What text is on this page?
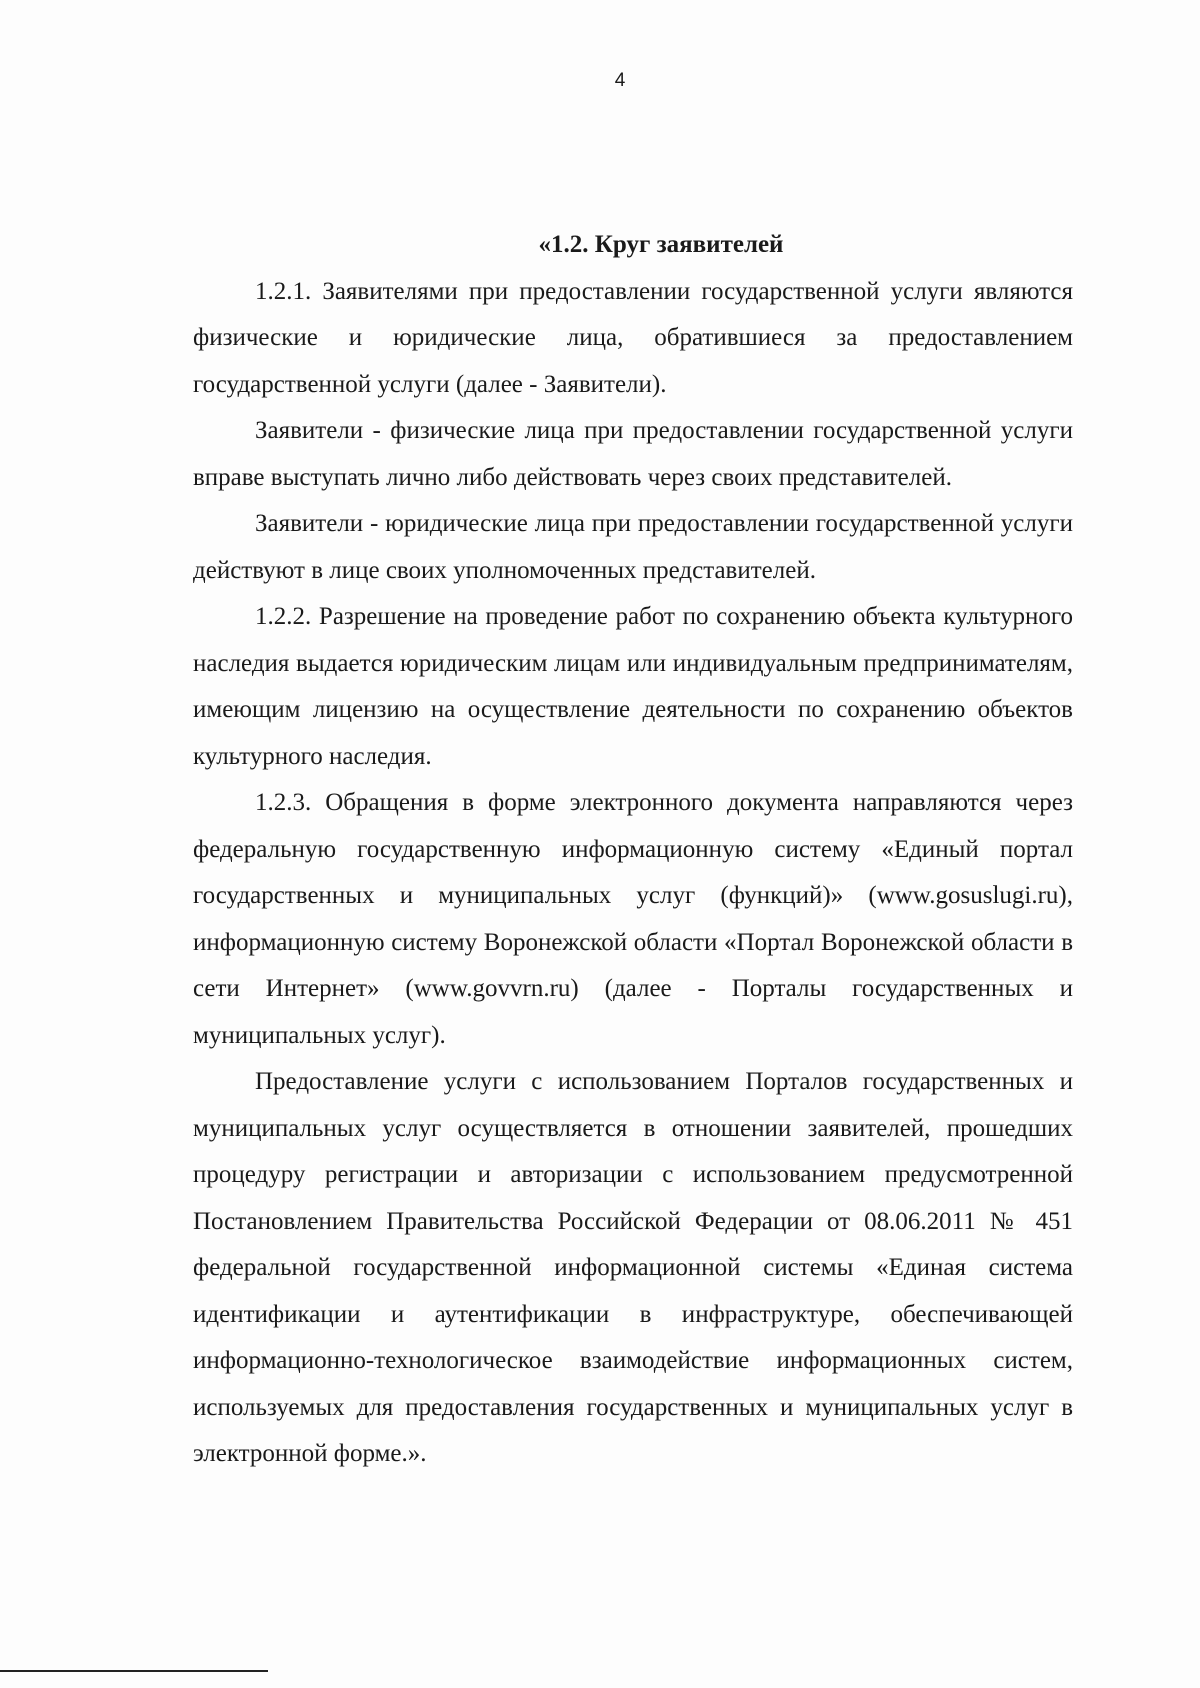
4

«1.2. Круг заявителей

1.2.1. Заявителями при предоставлении государственной услуги являются физические и юридические лица, обратившиеся за предоставлением государственной услуги (далее - Заявители).

Заявители - физические лица при предоставлении государственной услуги вправе выступать лично либо действовать через своих представителей.

Заявители - юридические лица при предоставлении государственной услуги действуют в лице своих уполномоченных представителей.

1.2.2. Разрешение на проведение работ по сохранению объекта культурного наследия выдается юридическим лицам или индивидуальным предпринимателям, имеющим лицензию на осуществление деятельности по сохранению объектов культурного наследия.

1.2.3. Обращения в форме электронного документа направляются через федеральную государственную информационную систему «Единый портал государственных и муниципальных услуг (функций)» (www.gosuslugi.ru), информационную систему Воронежской области «Портал Воронежской области в сети Интернет» (www.govvrn.ru) (далее - Порталы государственных и муниципальных услуг).

Предоставление услуги с использованием Порталов государственных и муниципальных услуг осуществляется в отношении заявителей, прошедших процедуру регистрации и авторизации с использованием предусмотренной Постановлением Правительства Российской Федерации от 08.06.2011 № 451 федеральной государственной информационной системы «Единая система идентификации и аутентификации в инфраструктуре, обеспечивающей информационно-технологическое взаимодействие информационных систем, используемых для предоставления государственных и муниципальных услуг в электронной форме.».
